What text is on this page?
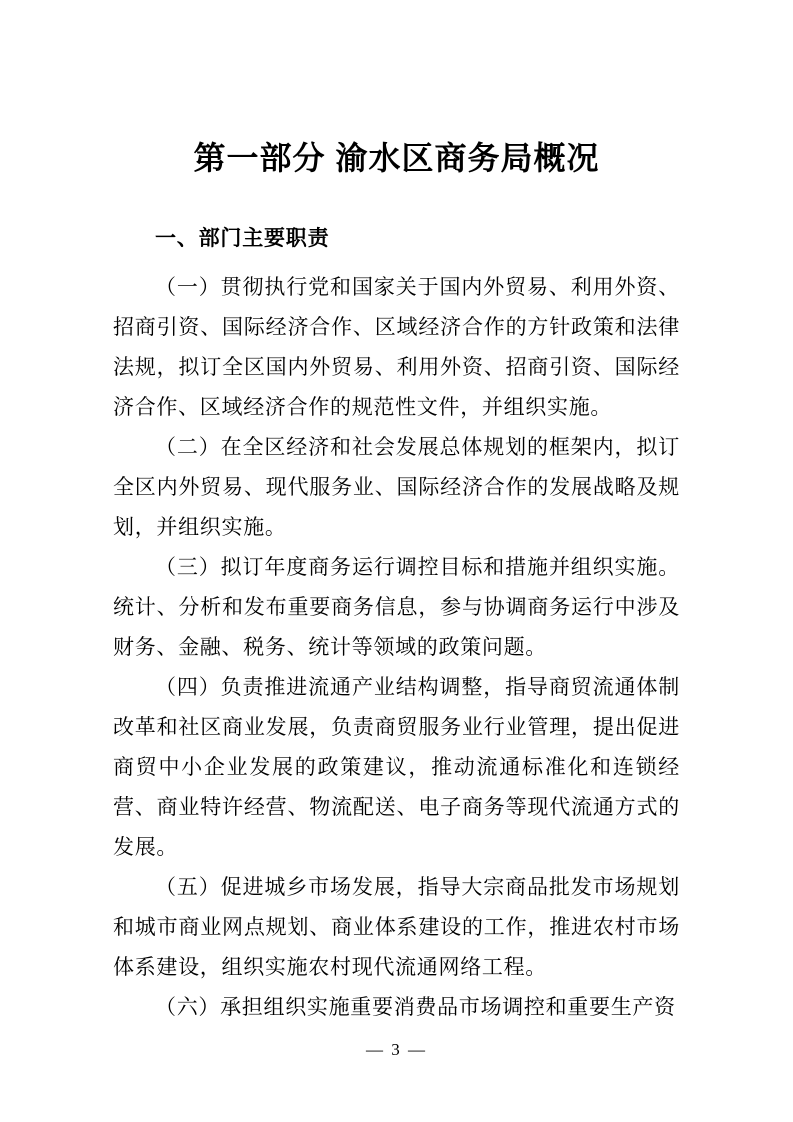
第一部分 渝水区商务局概况
一、部门主要职责

（一）贯彻执行党和国家关于国内外贸易、利用外资、招商引资、国际经济合作、区域经济合作的方针政策和法律法规，拟订全区国内外贸易、利用外资、招商引资、国际经济合作、区域经济合作的规范性文件，并组织实施。

（二）在全区经济和社会发展总体规划的框架内，拟订全区内外贸易、现代服务业、国际经济合作的发展战略及规划，并组织实施。

（三）拟订年度商务运行调控目标和措施并组织实施。统计、分析和发布重要商务信息，参与协调商务运行中涉及财务、金融、税务、统计等领域的政策问题。

（四）负责推进流通产业结构调整，指导商贸流通体制改革和社区商业发展，负责商贸服务业行业管理，提出促进商贸中小企业发展的政策建议，推动流通标准化和连锁经营、商业特许经营、物流配送、电子商务等现代流通方式的发展。

（五）促进城乡市场发展，指导大宗商品批发市场规划和城市商业网点规划、商业体系建设的工作，推进农村市场体系建设，组织实施农村现代流通网络工程。

（六）承担组织实施重要消费品市场调控和重要生产资

— 3 —
